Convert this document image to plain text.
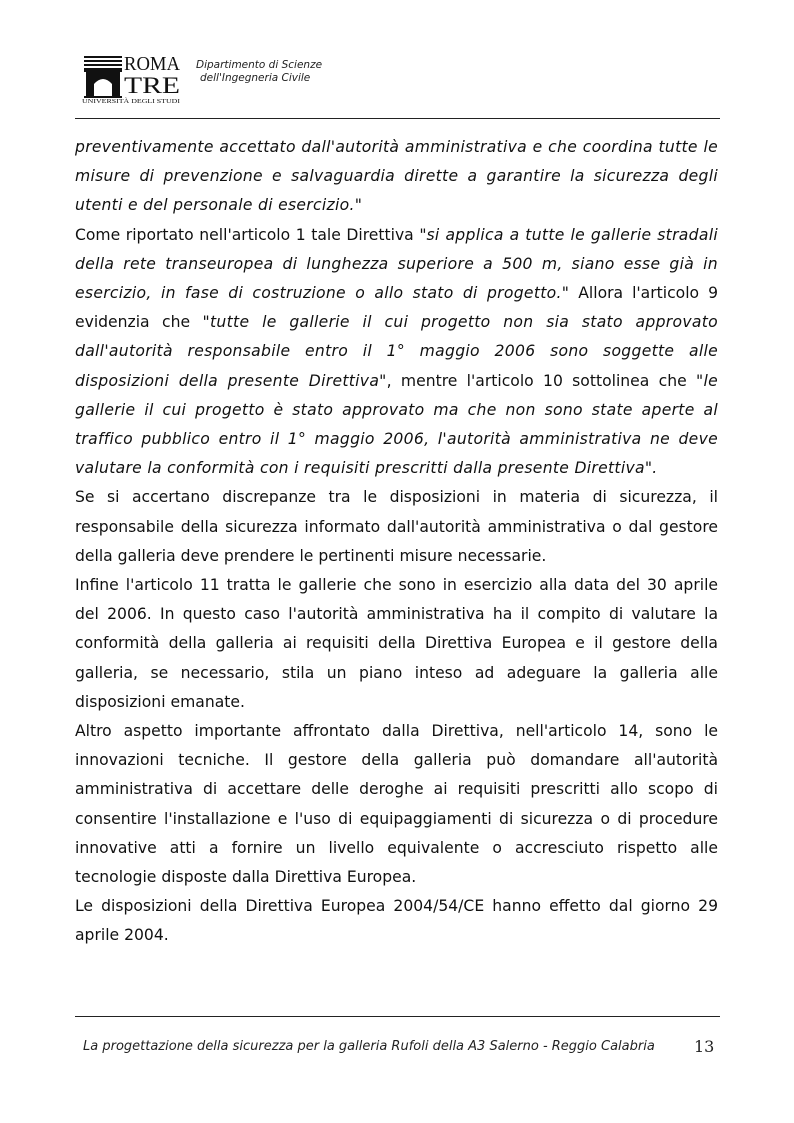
ROMA
TRE
UNIVERSITÀ DEGLI STUDI
Dipartimento di Scienze
dell'Ingegneria Civile

preventivamente accettato dall'autorità amministrativa e che coordina tutte le misure di prevenzione e salvaguardia dirette a garantire la sicurezza degli utenti e del personale di esercizio."

Come riportato nell'articolo 1 tale Direttiva "si applica a tutte le gallerie stradali della rete transeuropea di lunghezza superiore a 500 m, siano esse già in esercizio, in fase di costruzione o allo stato di progetto." Allora l'articolo 9 evidenzia che "tutte le gallerie il cui progetto non sia stato approvato dall'autorità responsabile entro il 1° maggio 2006 sono soggette alle disposizioni della presente Direttiva", mentre l'articolo 10 sottolinea che "le gallerie il cui progetto è stato approvato ma che non sono state aperte al traffico pubblico entro il 1° maggio 2006, l'autorità amministrativa ne deve valutare la conformità con i requisiti prescritti dalla presente Direttiva".

Se si accertano discrepanze tra le disposizioni in materia di sicurezza, il responsabile della sicurezza informato dall'autorità amministrativa o dal gestore della galleria deve prendere le pertinenti misure necessarie.

Infine l'articolo 11 tratta le gallerie che sono in esercizio alla data del 30 aprile del 2006. In questo caso l'autorità amministrativa ha il compito di valutare la conformità della galleria ai requisiti della Direttiva Europea e il gestore della galleria, se necessario, stila un piano inteso ad adeguare la galleria alle disposizioni emanate.

Altro aspetto importante affrontato dalla Direttiva, nell'articolo 14, sono le innovazioni tecniche. Il gestore della galleria può domandare all'autorità amministrativa di accettare delle deroghe ai requisiti prescritti allo scopo di consentire l'installazione e l'uso di equipaggiamenti di sicurezza o di procedure innovative atti a fornire un livello equivalente o accresciuto rispetto alle tecnologie disposte dalla Direttiva Europea.

Le disposizioni della Direttiva Europea 2004/54/CE hanno effetto dal giorno 29 aprile 2004.

La progettazione della sicurezza per la galleria Rufoli della A3 Salerno - Reggio Calabria 13
